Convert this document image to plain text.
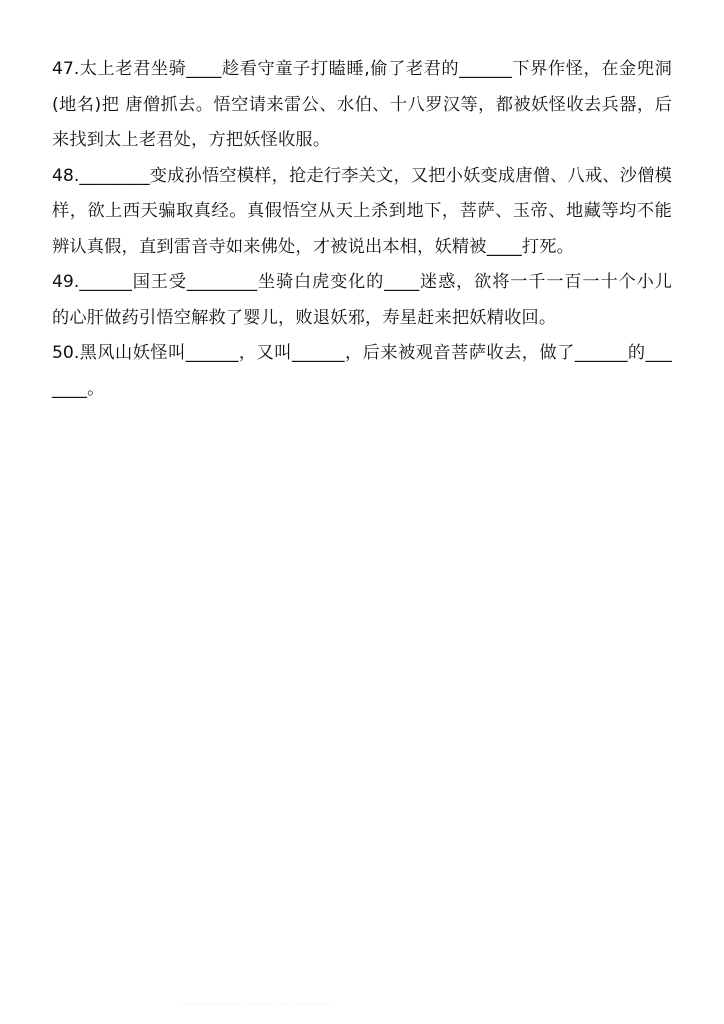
47.太上老君坐骑____趁看守童子打瞌睡,偷了老君的______下界作怪，在金兜洞(地名)把 唐僧抓去。悟空请来雷公、水伯、十八罗汉等，都被妖怪收去兵器，后来找到太上老君处，方把妖怪收服。

48.________变成孙悟空模样，抢走行李关文，又把小妖变成唐僧、八戒、沙僧模样，欲上西天骗取真经。真假悟空从天上杀到地下，菩萨、玉帝、地藏等均不能辨认真假，直到雷音寺如来佛处，才被说出本相，妖精被____打死。

49.______国王受________坐骑白虎变化的____迷惑，欲将一千一百一十个小儿的心肝做药引悟空解救了婴儿，败退妖邪，寿星赶来把妖精收回。

50.黑风山妖怪叫______，又叫______，后来被观音菩萨收去，做了______的_______。

················ ······· ··· ··········
